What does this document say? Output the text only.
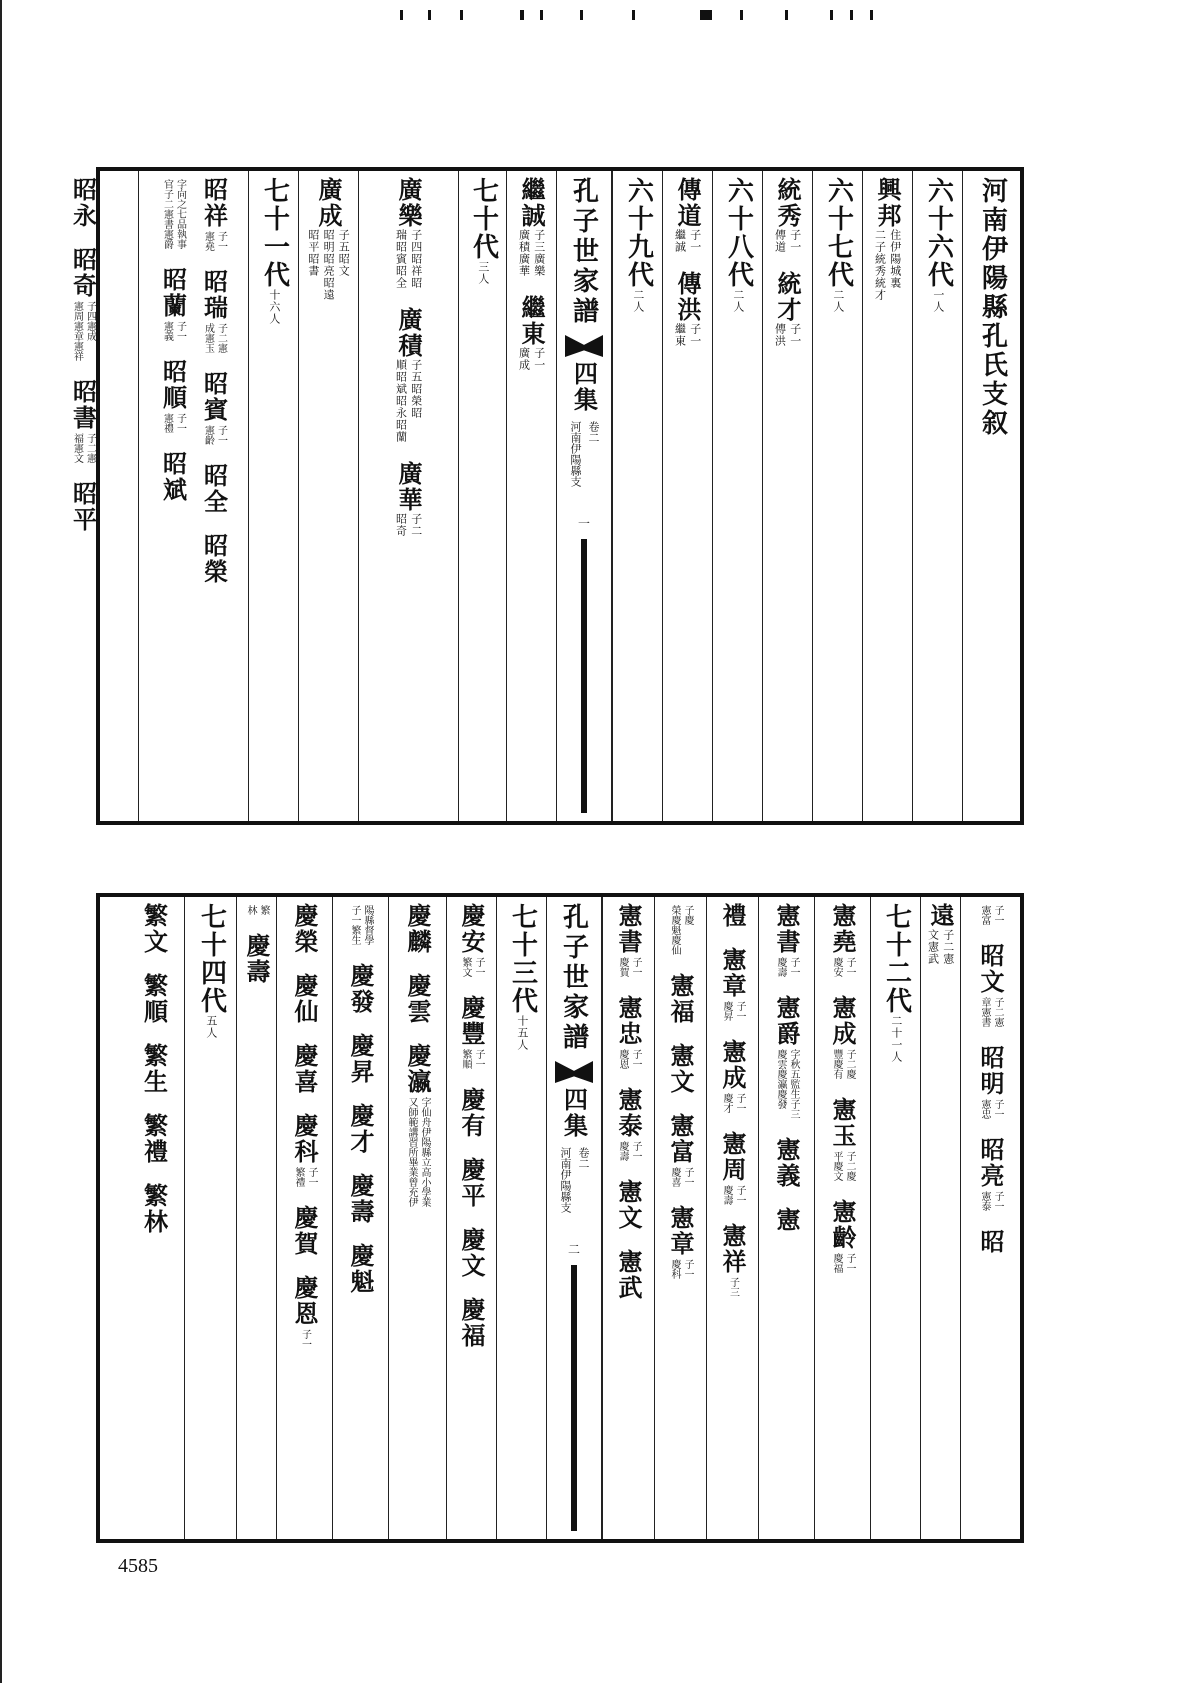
河南伊陽縣孔氏支叙
六十六代
一人
興邦
住伊陽城裏
二子統秀統才
六十七代
二人
統秀
子一
傳道
統才
子一
傳洪
六十八代
二人
傳道
子一
繼誠
傳洪
子一
繼東
六十九代
二人
孔子世家譜
四集
卷二
河南伊陽縣支
一
繼誠
子三廣樂
廣積廣華
繼東
子一
廣成
七十代
三人
廣樂
子四昭祥昭
瑞昭賓昭全
廣積
子五昭榮昭
順昭斌昭永昭蘭
廣華
子二
昭奇
廣成
子五昭文
昭明昭亮昭遠
昭平昭書
七十一代
十六人
昭祥
子一
憲堯
昭瑞
子二憲
成憲玉
昭賓
子一
憲齡
昭全
昭榮
字向之七品執事
官子二憲書憲爵
昭蘭
子一
憲義
昭順
子一
憲禮
昭斌
昭永
昭奇
子四憲成
憲周憲章憲祥
昭書
子二憲
福憲文
昭平
子一
憲富
昭文
子二憲
章憲書
昭明
子一
憲忠
昭亮
子一
憲泰
昭
遠
子二憲
文憲武
七十二代
二十一人
憲堯
子一
慶安
憲成
子二慶
豐慶有
憲玉
子二慶
平慶文
憲齡
子一
慶福
憲書
子一
慶壽
憲爵
字秋五監生子三
慶雲慶瀛慶發
憲義
憲
禮
憲章
子一
慶昇
憲成
子一
慶才
憲周
子一
慶壽
憲祥
子三
子慶
榮慶魁慶仙
憲福
憲文
憲富
子一
慶喜
憲章
子一
慶科
憲書
子一
慶賀
憲忠
子一
慶恩
憲泰
子一
慶壽
憲文
憲武
孔子世家譜
四集
卷二
河南伊陽縣支
二
七十三代
十五人
慶安
子一
繁文
慶豐
子一
繁順
慶有
慶平
慶文
慶福
慶麟
慶雲
慶瀛
字仙舟伊陽縣立高小學業
又師範講習所畢業曾充伊
陽縣督學
子一繁生
慶發
慶昇
慶才
慶壽
慶魁
慶榮
慶仙
慶喜
慶科
子一
繁禮
慶賀
慶恩
子一
繁
林
慶壽
七十四代
五人
繁文
繁順
繁生
繁禮
繁林
4585
